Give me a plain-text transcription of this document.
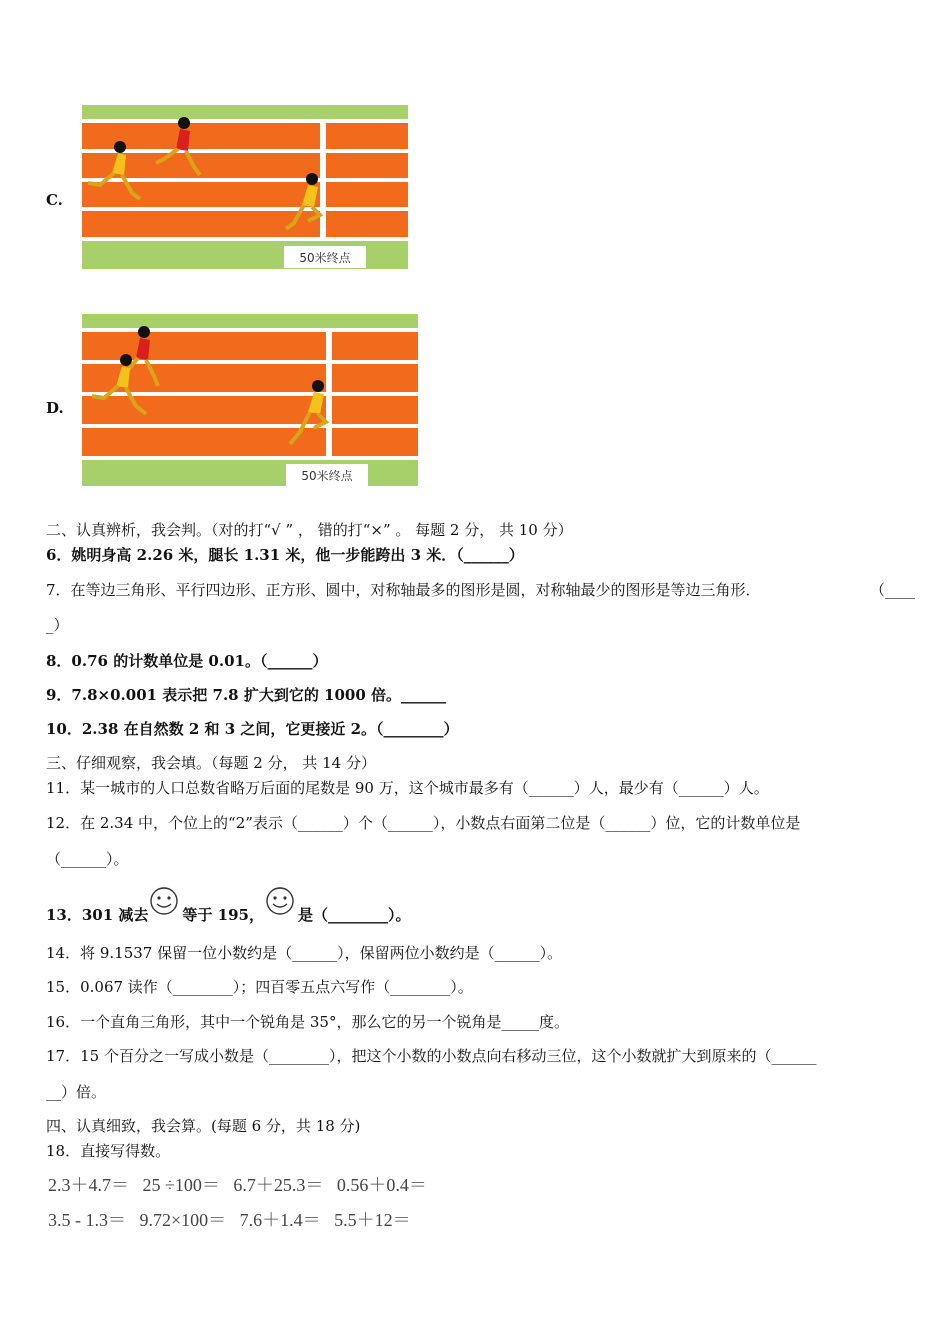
C.
50米终点
D.
50米终点
二、认真辨析，我会判。（对的打“√ ” ， 错的打“×” 。 每题 2 分， 共 10 分）
6．姚明身高 2.26 米，腿长 1.31 米，他一步能跨出 3 米．（______）
7．在等边三角形、平行四边形、正方形、圆中，对称轴最多的图形是圆，对称轴最少的图形是等边三角形．	（____
_）
8．0.76 的计数单位是 0.01。（______）
9．7.8×0.001 表示把 7.8 扩大到它的 1000 倍。______
10．2.38 在自然数 2 和 3 之间，它更接近 2。（________）
三、仔细观察，我会填。（每题 2 分， 共 14 分）
11．某一城市的人口总数省略万后面的尾数是 90 万，这个城市最多有（______）人，最少有（______）人。
12．在 2.34 中，个位上的“2”表示（______）个（______），小数点右面第二位是（______）位，它的计数单位是
（______）。
13．301 减去 等于 195， 是（________）。
14．将 9.1537 保留一位小数约是（______），保留两位小数约是（______）。
15．0.067 读作（________）；四百零五点六写作（________）。
16．一个直角三角形，其中一个锐角是 35°，那么它的另一个锐角是_____度。
17．15 个百分之一写成小数是（________），把这个小数的小数点向右移动三位，这个小数就扩大到原来的（______
__）倍。
四、认真细致，我会算。(每题 6 分，共 18 分)
18．直接写得数。
2.3＋4.7＝   25 ÷100＝   6.7＋25.3＝   0.56＋0.4＝
3.5 - 1.3＝   9.72×100＝   7.6＋1.4＝   5.5＋12＝
